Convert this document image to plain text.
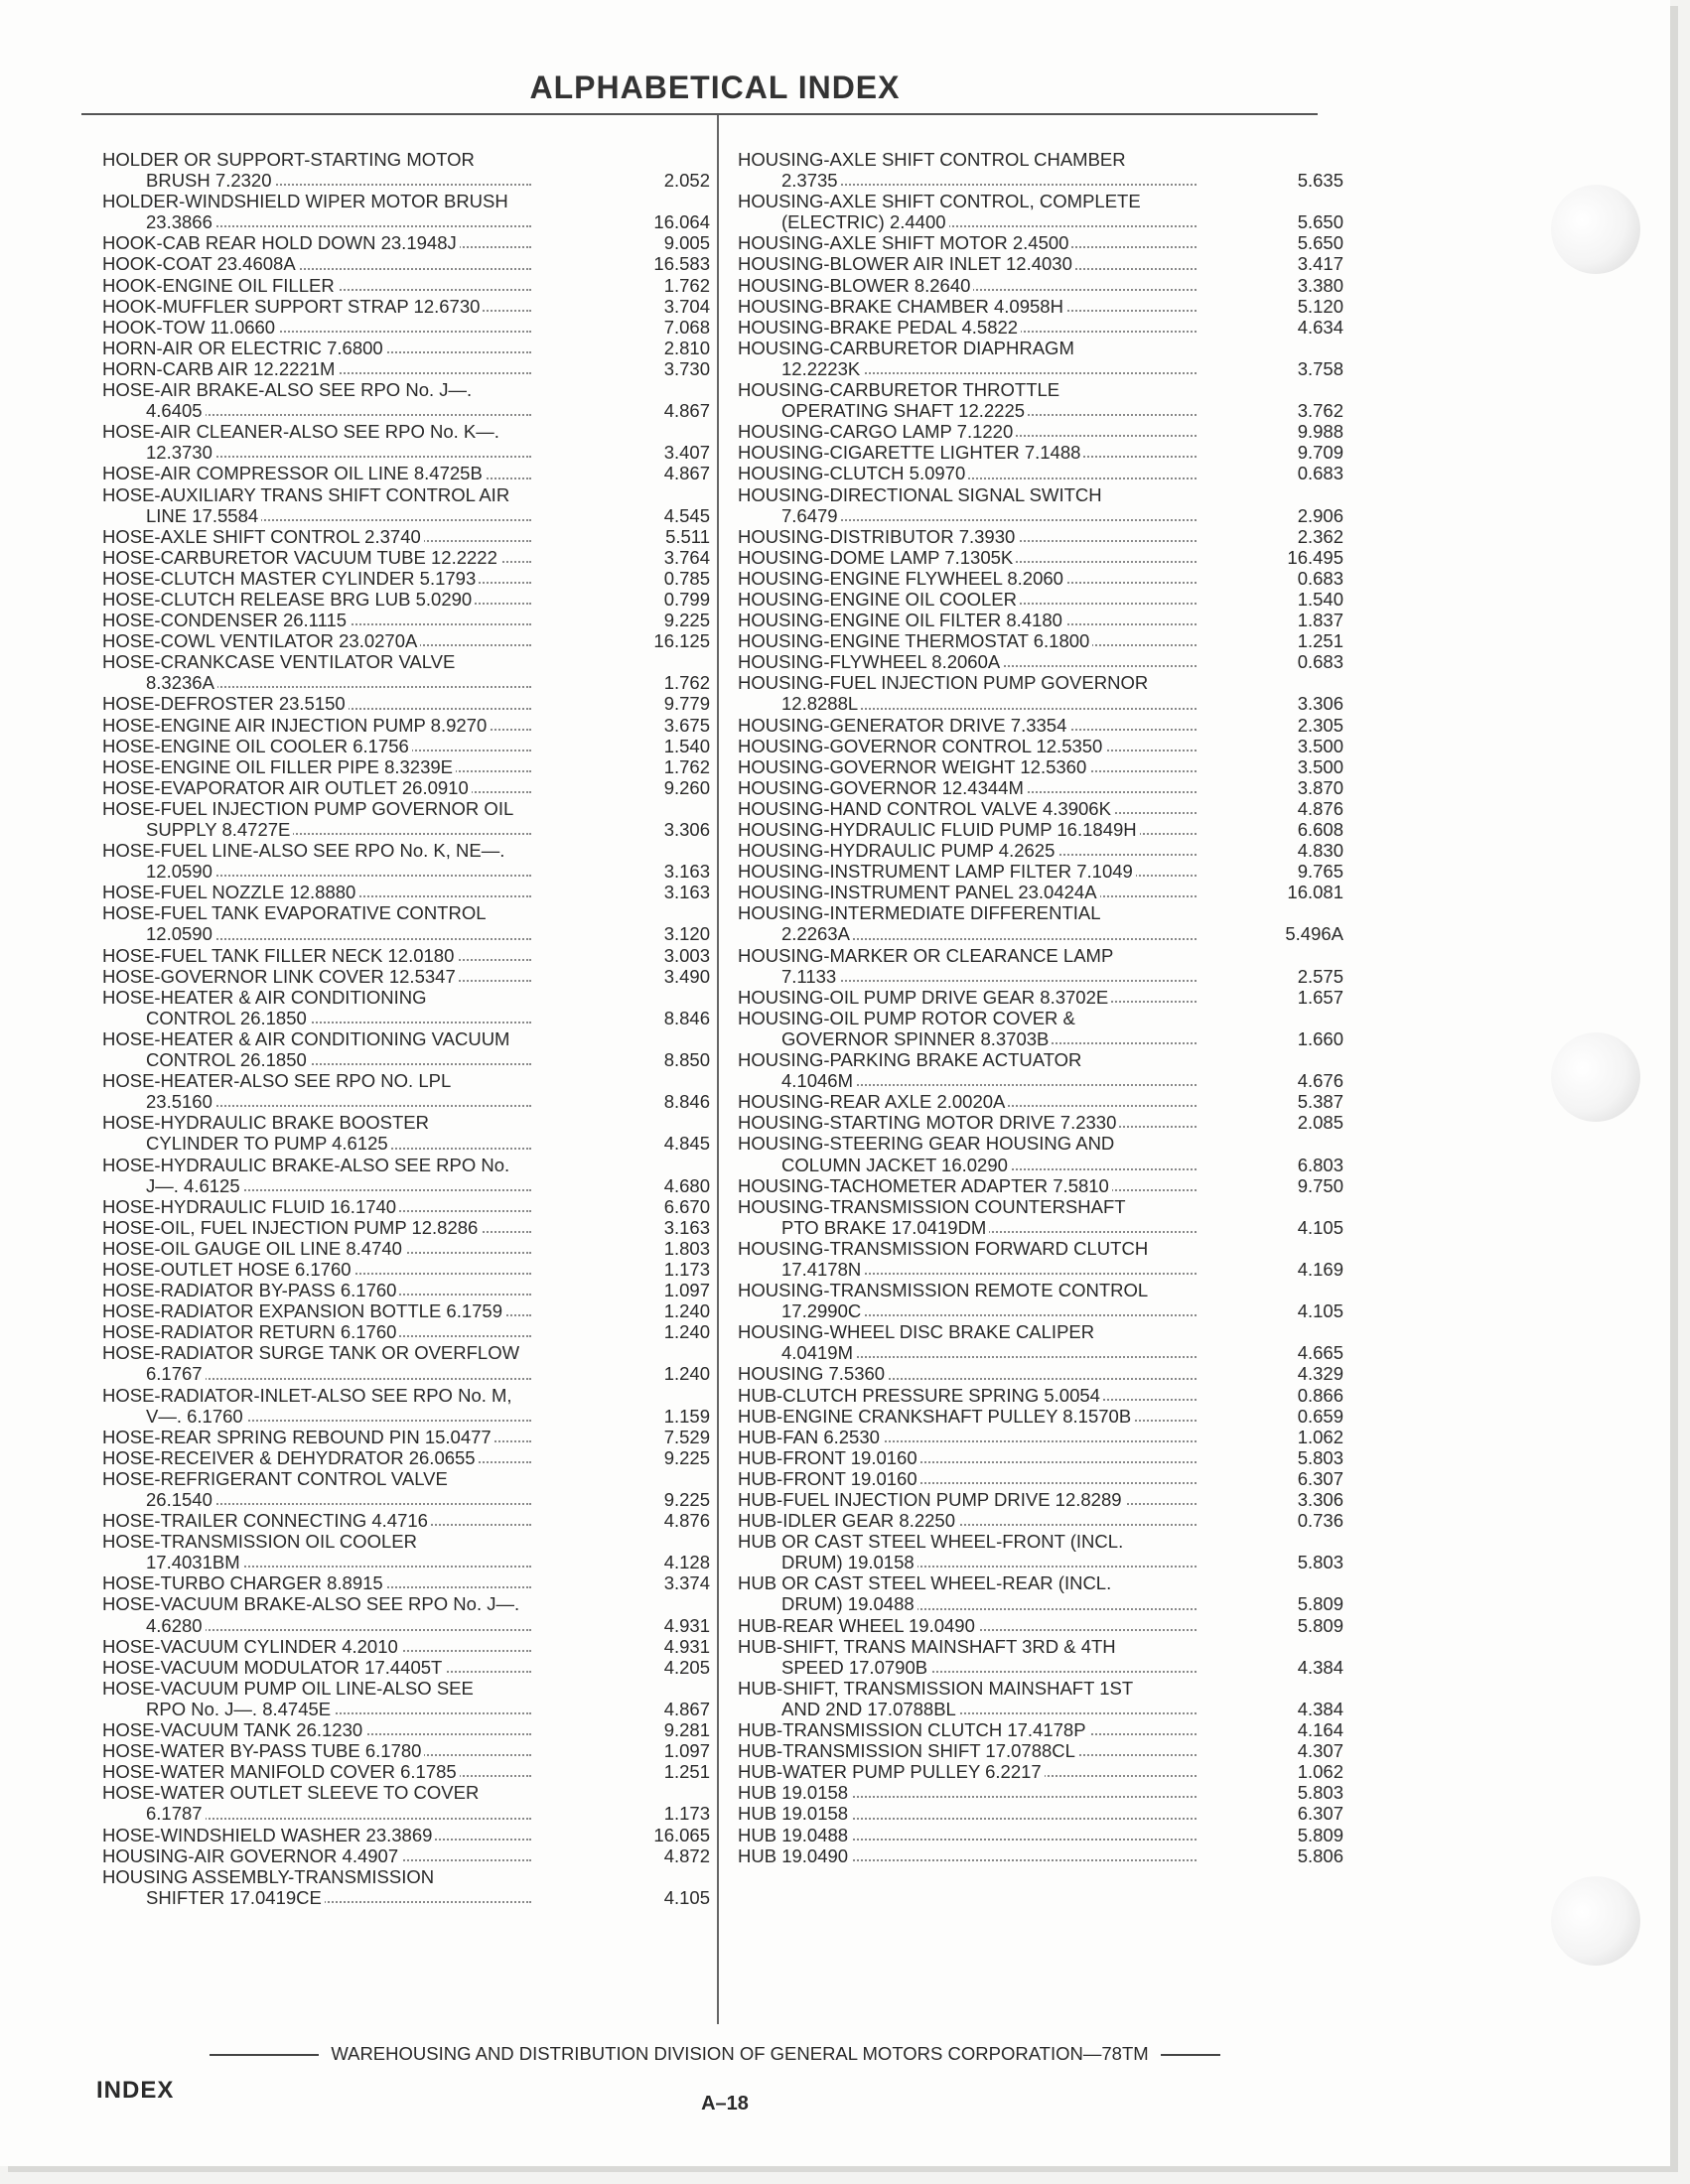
ALPHABETICAL INDEX
HOLDER OR SUPPORT-STARTING MOTOR
BRUSH 7.2320	2.052
HOLDER-WINDSHIELD WIPER MOTOR BRUSH
23.3866	16.064
HOOK-CAB REAR HOLD DOWN 23.1948J	9.005
HOOK-COAT 23.4608A	16.583
HOOK-ENGINE OIL FILLER	1.762
HOOK-MUFFLER SUPPORT STRAP 12.6730	3.704
HOOK-TOW 11.0660	7.068
HORN-AIR OR ELECTRIC 7.6800	2.810
HORN-CARB AIR 12.2221M	3.730
HOSE-AIR BRAKE-ALSO SEE RPO No. J—.
4.6405	4.867
HOSE-AIR CLEANER-ALSO SEE RPO No. K—.
12.3730	3.407
HOSE-AIR COMPRESSOR OIL LINE 8.4725B	4.867
HOSE-AUXILIARY TRANS SHIFT CONTROL AIR
LINE 17.5584	4.545
HOSE-AXLE SHIFT CONTROL 2.3740	5.511
HOSE-CARBURETOR VACUUM TUBE 12.2222	3.764
HOSE-CLUTCH MASTER CYLINDER 5.1793	0.785
HOSE-CLUTCH RELEASE BRG LUB 5.0290	0.799
HOSE-CONDENSER 26.1115	9.225
HOSE-COWL VENTILATOR 23.0270A	16.125
HOSE-CRANKCASE VENTILATOR VALVE
8.3236A	1.762
HOSE-DEFROSTER 23.5150	9.779
HOSE-ENGINE AIR INJECTION PUMP 8.9270	3.675
HOSE-ENGINE OIL COOLER 6.1756	1.540
HOSE-ENGINE OIL FILLER PIPE 8.3239E	1.762
HOSE-EVAPORATOR AIR OUTLET 26.0910	9.260
HOSE-FUEL INJECTION PUMP GOVERNOR OIL
SUPPLY 8.4727E	3.306
HOSE-FUEL LINE-ALSO SEE RPO No. K, NE—.
12.0590	3.163
HOSE-FUEL NOZZLE 12.8880	3.163
HOSE-FUEL TANK EVAPORATIVE CONTROL
12.0590	3.120
HOSE-FUEL TANK FILLER NECK 12.0180	3.003
HOSE-GOVERNOR LINK COVER 12.5347	3.490
HOSE-HEATER & AIR CONDITIONING
CONTROL 26.1850	8.846
HOSE-HEATER & AIR CONDITIONING VACUUM
CONTROL 26.1850	8.850
HOSE-HEATER-ALSO SEE RPO NO. LPL
23.5160	8.846
HOSE-HYDRAULIC BRAKE BOOSTER
CYLINDER TO PUMP 4.6125	4.845
HOSE-HYDRAULIC BRAKE-ALSO SEE RPO No.
J—. 4.6125	4.680
HOSE-HYDRAULIC FLUID 16.1740	6.670
HOSE-OIL, FUEL INJECTION PUMP 12.8286	3.163
HOSE-OIL GAUGE OIL LINE 8.4740	1.803
HOSE-OUTLET HOSE 6.1760	1.173
HOSE-RADIATOR BY-PASS 6.1760	1.097
HOSE-RADIATOR EXPANSION BOTTLE 6.1759	1.240
HOSE-RADIATOR RETURN 6.1760	1.240
HOSE-RADIATOR SURGE TANK OR OVERFLOW
6.1767	1.240
HOSE-RADIATOR-INLET-ALSO SEE RPO No. M,
V—. 6.1760	1.159
HOSE-REAR SPRING REBOUND PIN 15.0477	7.529
HOSE-RECEIVER & DEHYDRATOR 26.0655	9.225
HOSE-REFRIGERANT CONTROL VALVE
26.1540	9.225
HOSE-TRAILER CONNECTING 4.4716	4.876
HOSE-TRANSMISSION OIL COOLER
17.4031BM	4.128
HOSE-TURBO CHARGER 8.8915	3.374
HOSE-VACUUM BRAKE-ALSO SEE RPO No. J—.
4.6280	4.931
HOSE-VACUUM CYLINDER 4.2010	4.931
HOSE-VACUUM MODULATOR 17.4405T	4.205
HOSE-VACUUM PUMP OIL LINE-ALSO SEE
RPO No. J—. 8.4745E	4.867
HOSE-VACUUM TANK 26.1230	9.281
HOSE-WATER BY-PASS TUBE 6.1780	1.097
HOSE-WATER MANIFOLD COVER 6.1785	1.251
HOSE-WATER OUTLET SLEEVE TO COVER
6.1787	1.173
HOSE-WINDSHIELD WASHER 23.3869	16.065
HOUSING-AIR GOVERNOR 4.4907	4.872
HOUSING ASSEMBLY-TRANSMISSION
SHIFTER 17.0419CE	4.105
HOUSING-AXLE SHIFT CONTROL CHAMBER
2.3735	5.635
HOUSING-AXLE SHIFT CONTROL, COMPLETE
(ELECTRIC) 2.4400	5.650
HOUSING-AXLE SHIFT MOTOR 2.4500	5.650
HOUSING-BLOWER AIR INLET 12.4030	3.417
HOUSING-BLOWER 8.2640	3.380
HOUSING-BRAKE CHAMBER 4.0958H	5.120
HOUSING-BRAKE PEDAL 4.5822	4.634
HOUSING-CARBURETOR DIAPHRAGM
12.2223K	3.758
HOUSING-CARBURETOR THROTTLE
OPERATING SHAFT 12.2225	3.762
HOUSING-CARGO LAMP 7.1220	9.988
HOUSING-CIGARETTE LIGHTER 7.1488	9.709
HOUSING-CLUTCH 5.0970	0.683
HOUSING-DIRECTIONAL SIGNAL SWITCH
7.6479	2.906
HOUSING-DISTRIBUTOR 7.3930	2.362
HOUSING-DOME LAMP 7.1305K	16.495
HOUSING-ENGINE FLYWHEEL 8.2060	0.683
HOUSING-ENGINE OIL COOLER	1.540
HOUSING-ENGINE OIL FILTER 8.4180	1.837
HOUSING-ENGINE THERMOSTAT 6.1800	1.251
HOUSING-FLYWHEEL 8.2060A	0.683
HOUSING-FUEL INJECTION PUMP GOVERNOR
12.8288L	3.306
HOUSING-GENERATOR DRIVE 7.3354	2.305
HOUSING-GOVERNOR CONTROL 12.5350	3.500
HOUSING-GOVERNOR WEIGHT 12.5360	3.500
HOUSING-GOVERNOR 12.4344M	3.870
HOUSING-HAND CONTROL VALVE 4.3906K	4.876
HOUSING-HYDRAULIC FLUID PUMP 16.1849H	6.608
HOUSING-HYDRAULIC PUMP 4.2625	4.830
HOUSING-INSTRUMENT LAMP FILTER 7.1049	9.765
HOUSING-INSTRUMENT PANEL 23.0424A	16.081
HOUSING-INTERMEDIATE DIFFERENTIAL
2.2263A	5.496A
HOUSING-MARKER OR CLEARANCE LAMP
7.1133	2.575
HOUSING-OIL PUMP DRIVE GEAR 8.3702E	1.657
HOUSING-OIL PUMP ROTOR COVER &
GOVERNOR SPINNER 8.3703B	1.660
HOUSING-PARKING BRAKE ACTUATOR
4.1046M	4.676
HOUSING-REAR AXLE 2.0020A	5.387
HOUSING-STARTING MOTOR DRIVE 7.2330	2.085
HOUSING-STEERING GEAR HOUSING AND
COLUMN JACKET 16.0290	6.803
HOUSING-TACHOMETER ADAPTER 7.5810	9.750
HOUSING-TRANSMISSION COUNTERSHAFT
PTO BRAKE 17.0419DM	4.105
HOUSING-TRANSMISSION FORWARD CLUTCH
17.4178N	4.169
HOUSING-TRANSMISSION REMOTE CONTROL
17.2990C	4.105
HOUSING-WHEEL DISC BRAKE CALIPER
4.0419M	4.665
HOUSING 7.5360	4.329
HUB-CLUTCH PRESSURE SPRING 5.0054	0.866
HUB-ENGINE CRANKSHAFT PULLEY 8.1570B	0.659
HUB-FAN 6.2530	1.062
HUB-FRONT 19.0160	5.803
HUB-FRONT 19.0160	6.307
HUB-FUEL INJECTION PUMP DRIVE 12.8289	3.306
HUB-IDLER GEAR 8.2250	0.736
HUB OR CAST STEEL WHEEL-FRONT (INCL.
DRUM) 19.0158	5.803
HUB OR CAST STEEL WHEEL-REAR (INCL.
DRUM) 19.0488	5.809
HUB-REAR WHEEL 19.0490	5.809
HUB-SHIFT, TRANS MAINSHAFT 3RD & 4TH
SPEED 17.0790B	4.384
HUB-SHIFT, TRANSMISSION MAINSHAFT 1ST
AND 2ND 17.0788BL	4.384
HUB-TRANSMISSION CLUTCH 17.4178P	4.164
HUB-TRANSMISSION SHIFT 17.0788CL	4.307
HUB-WATER PUMP PULLEY 6.2217	1.062
HUB 19.0158	5.803
HUB 19.0158	6.307
HUB 19.0488	5.809
HUB 19.0490	5.806
WAREHOUSING AND DISTRIBUTION DIVISION OF GENERAL MOTORS CORPORATION—78TM
INDEX	A–18
